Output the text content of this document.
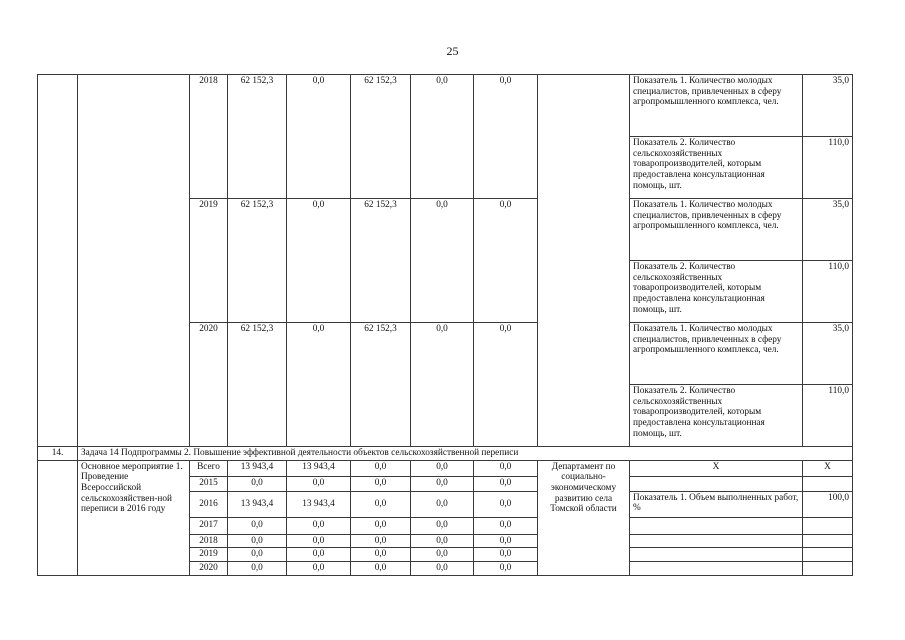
25
		2018	62 152,3	0,0	62 152,3	0,0	0,0		Показатель 1. Количество молодых специалистов, привлеченных в сферу агропромышленного комплекса, чел.	35,0
									Показатель 2. Количество сельскохозяйственных товаропроизводителей, которым предоставлена консультационная помощь, шт.	110,0
		2019	62 152,3	0,0	62 152,3	0,0	0,0		Показатель 1. Количество молодых специалистов, привлеченных в сферу агропромышленного комплекса, чел.	35,0
									Показатель 2. Количество сельскохозяйственных товаропроизводителей, которым предоставлена консультационная помощь, шт.	110,0
		2020	62 152,3	0,0	62 152,3	0,0	0,0		Показатель 1. Количество молодых специалистов, привлеченных в сферу агропромышленного комплекса, чел.	35,0
									Показатель 2. Количество сельскохозяйственных товаропроизводителей, которым предоставлена консультационная помощь, шт.	110,0
14.	Задача 14 Подпрограммы 2. Повышение эффективной деятельности объектов сельскохозяйственной переписи									
	Основное мероприятие 1. Проведение Всероссийской сельскохозяйствен-ной переписи в 2016 году	Всего	13 943,4	13 943,4	0,0	0,0	0,0	Департамент по социально-экономическому развитию села Томской области	Х	Х
		2015	0,0	0,0	0,0	0,0	0,0			
		2016	13 943,4	13 943,4	0,0	0,0	0,0		Показатель 1. Объем выполненных работ, %	100,0
		2017	0,0	0,0	0,0	0,0	0,0			
		2018	0,0	0,0	0,0	0,0	0,0			
		2019	0,0	0,0	0,0	0,0	0,0			
		2020	0,0	0,0	0,0	0,0	0,0			
